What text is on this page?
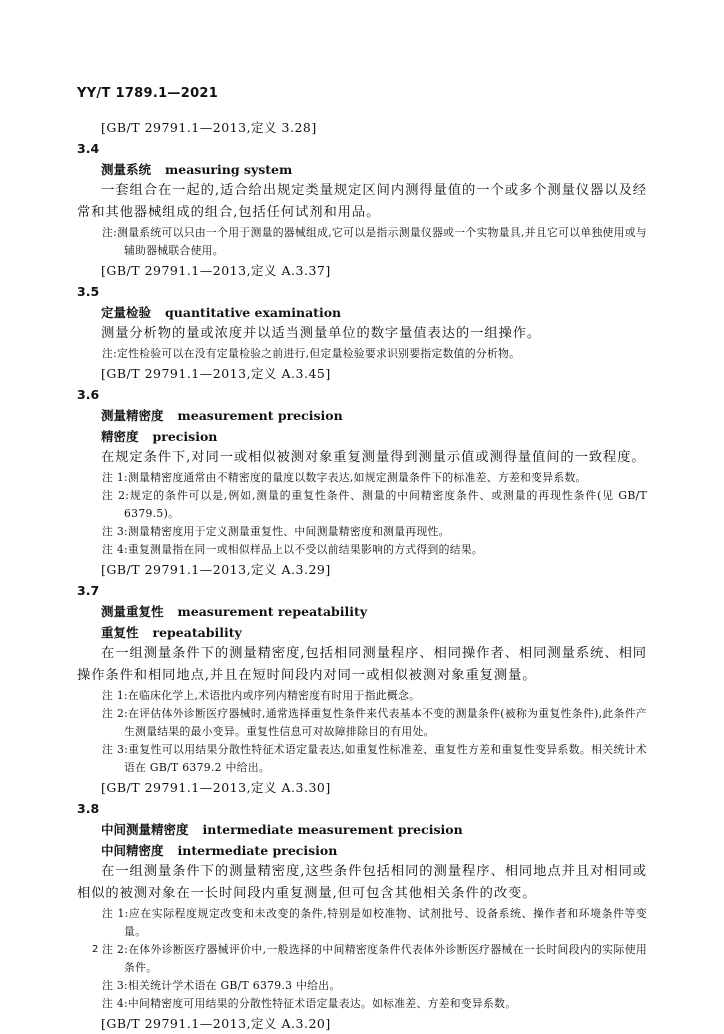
YY/T 1789.1—2021
[GB/T 29791.1—2013,定义 3.28]
3.4
测量系统 measuring system
一套组合在一起的,适合给出规定类量规定区间内测得量值的一个或多个测量仪器以及经常和其他器械组成的组合,包括任何试剂和用品。
注:测量系统可以只由一个用于测量的器械组成,它可以是指示测量仪器或一个实物量具,并且它可以单独使用或与辅助器械联合使用。
[GB/T 29791.1—2013,定义 A.3.37]
3.5
定量检验 quantitative examination
测量分析物的量或浓度并以适当测量单位的数字量值表达的一组操作。
注:定性检验可以在没有定量检验之前进行,但定量检验要求识别要指定数值的分析物。
[GB/T 29791.1—2013,定义 A.3.45]
3.6
测量精密度 measurement precision
精密度 precision
在规定条件下,对同一或相似被测对象重复测量得到测量示值或测得量值间的一致程度。
注 1:测量精密度通常由不精密度的量度以数字表达,如规定测量条件下的标准差、方差和变异系数。
注 2:规定的条件可以是,例如,测量的重复性条件、测量的中间精密度条件、或测量的再现性条件(见 GB/T 6379.5)。
注 3:测量精密度用于定义测量重复性、中间测量精密度和测量再现性。
注 4:重复测量指在同一或相似样品上以不受以前结果影响的方式得到的结果。
[GB/T 29791.1—2013,定义 A.3.29]
3.7
测量重复性 measurement repeatability
重复性 repeatability
在一组测量条件下的测量精密度,包括相同测量程序、相同操作者、相同测量系统、相同操作条件和相同地点,并且在短时间段内对同一或相似被测对象重复测量。
注 1:在临床化学上,术语批内或序列内精密度有时用于指此概念。
注 2:在评估体外诊断医疗器械时,通常选择重复性条件来代表基本不变的测量条件(被称为重复性条件),此条件产生测量结果的最小变异。重复性信息可对故障排除目的有用处。
注 3:重复性可以用结果分散性特征术语定量表达,如重复性标准差、重复性方差和重复性变异系数。相关统计术语在 GB/T 6379.2 中给出。
[GB/T 29791.1—2013,定义 A.3.30]
3.8
中间测量精密度 intermediate measurement precision
中间精密度 intermediate precision
在一组测量条件下的测量精密度,这些条件包括相同的测量程序、相同地点并且对相同或相似的被测对象在一长时间段内重复测量,但可包含其他相关条件的改变。
注 1:应在实际程度规定改变和未改变的条件,特别是如校准物、试剂批号、设备系统、操作者和环境条件等变量。
注 2:在体外诊断医疗器械评价中,一般选择的中间精密度条件代表体外诊断医疗器械在一长时间段内的实际使用条件。
注 3:相关统计学术语在 GB/T 6379.3 中给出。
注 4:中间精密度可用结果的分散性特征术语定量表达。如标准差、方差和变异系数。
[GB/T 29791.1—2013,定义 A.3.20]
2
